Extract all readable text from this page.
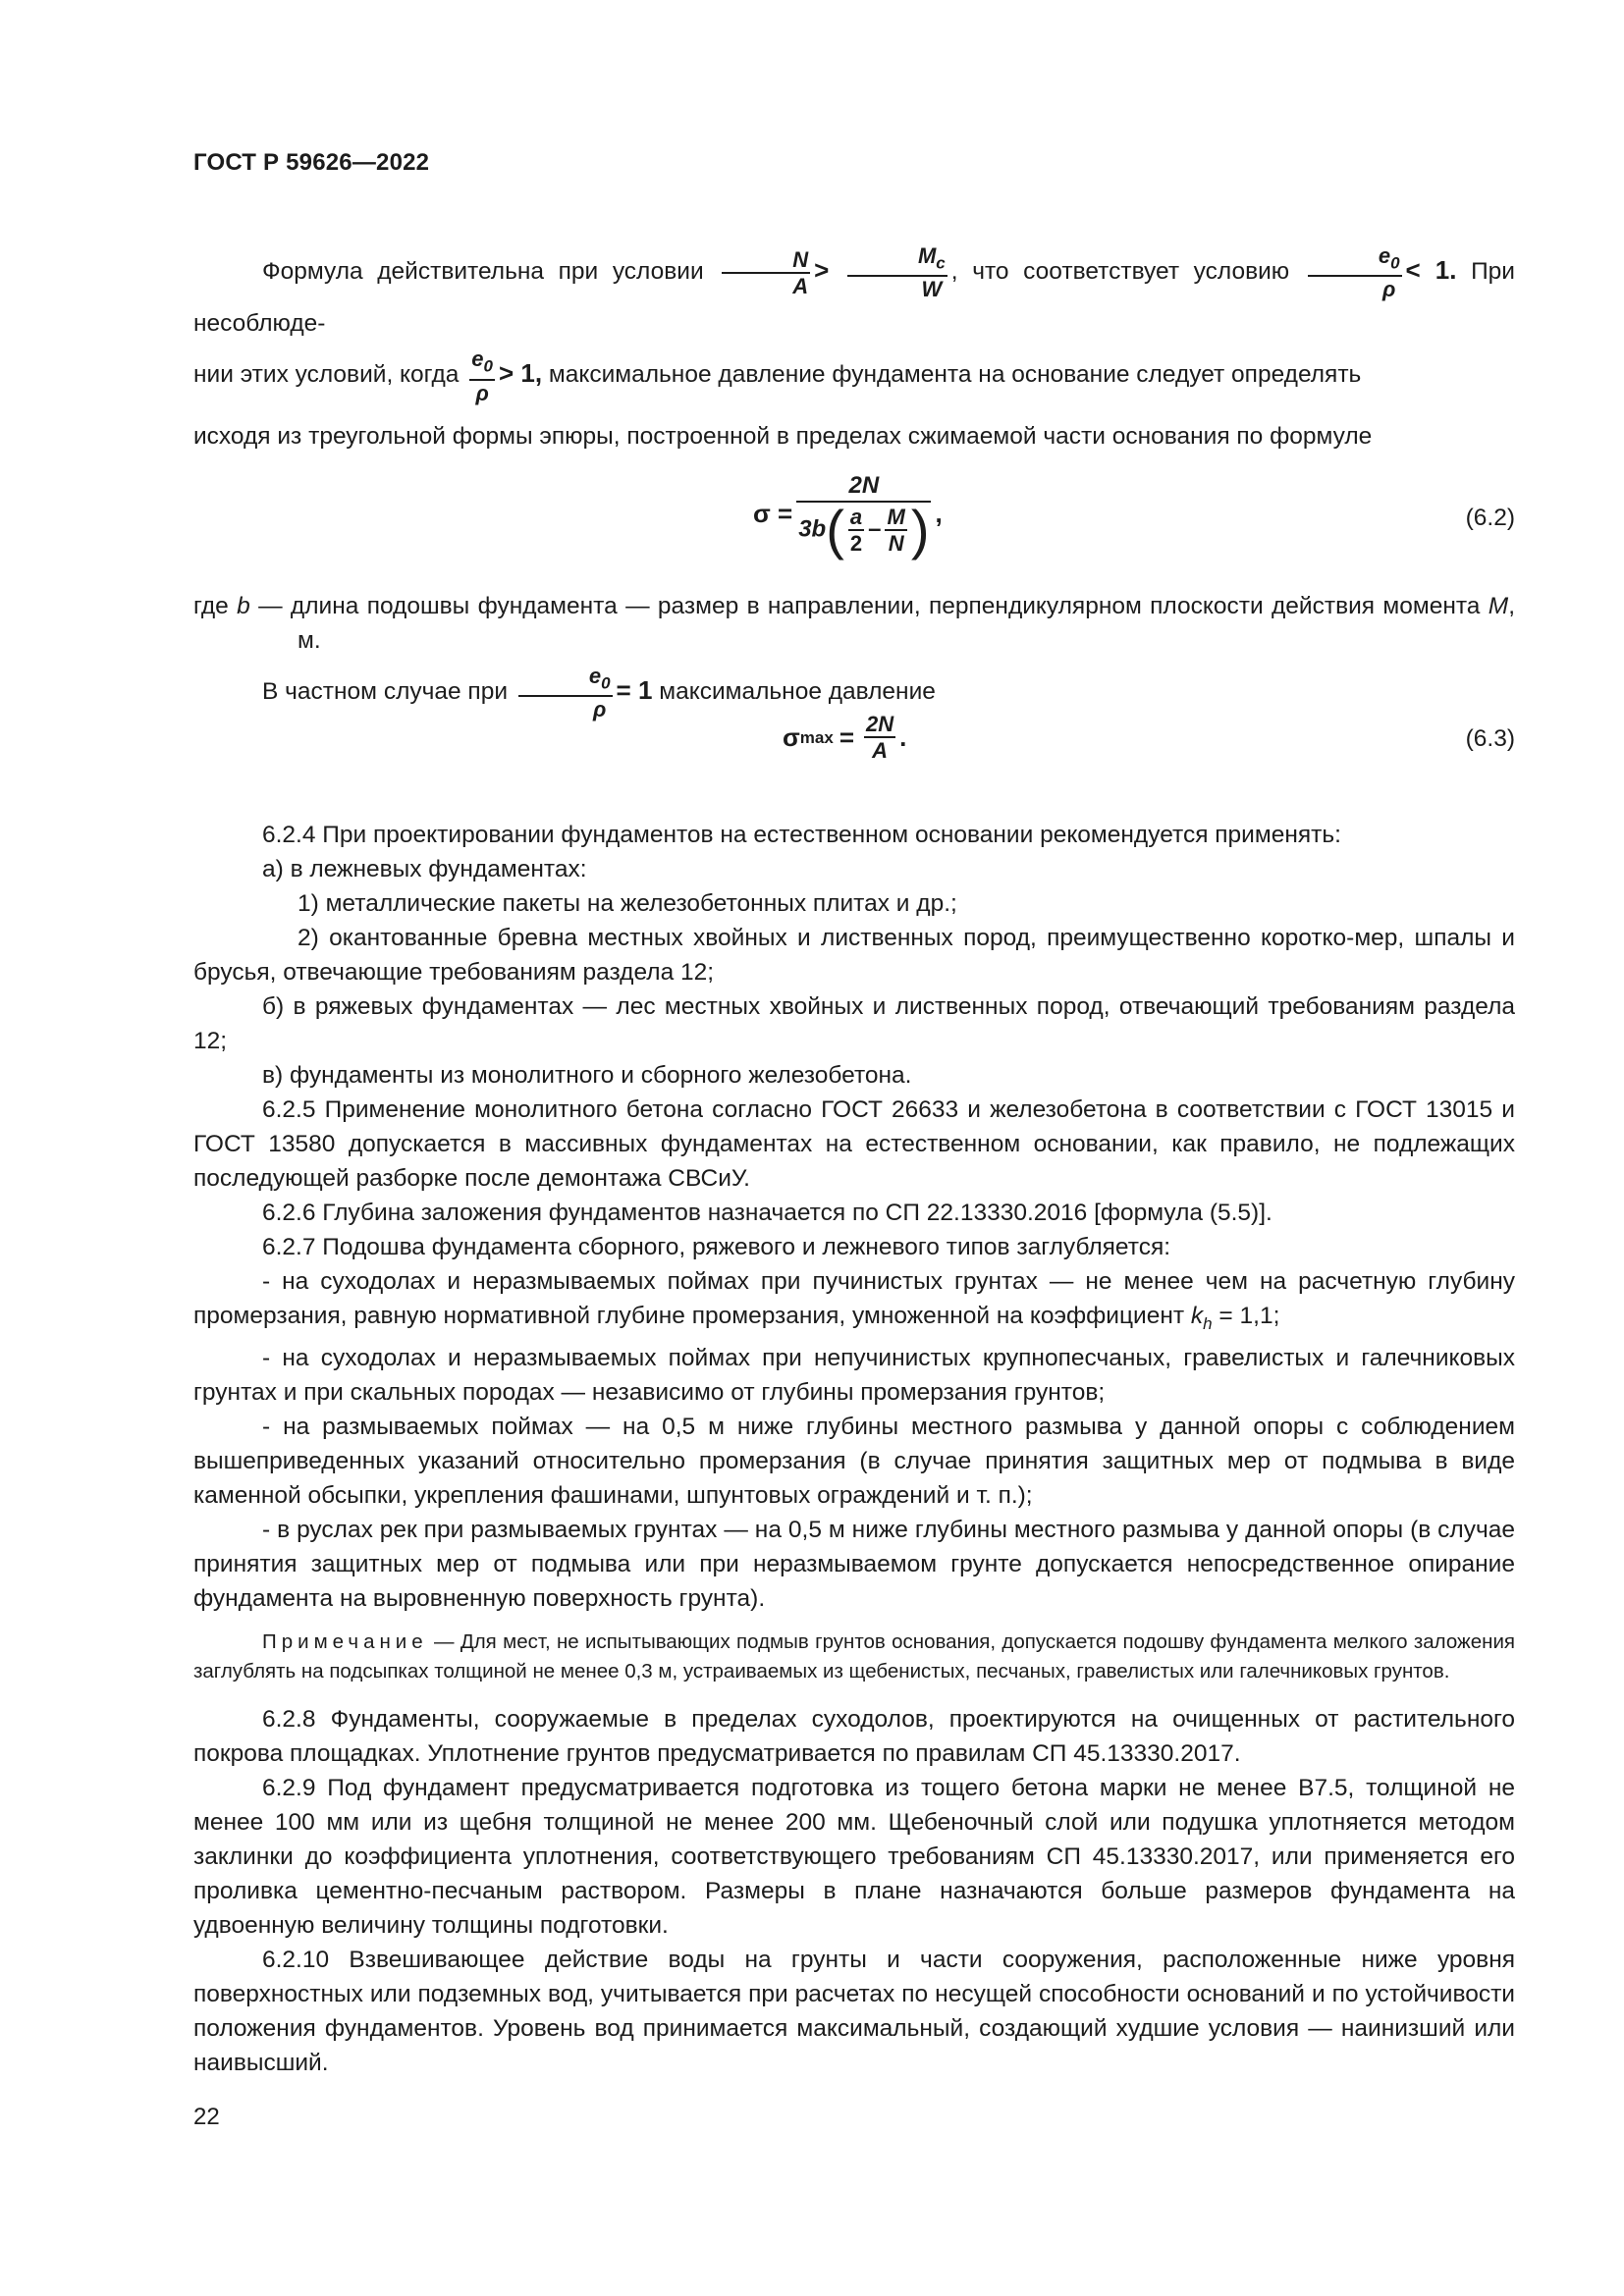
ГОСТ Р 59626—2022

Формула действительна при условии $\frac{N}{A} > \frac{M_c}{W}$ , что соответствует условию $\frac{e_0}{\rho} < 1$. При несоблюде-

нии этих условий, когда $\frac{e_0}{\rho} > 1$, максимальное давление фундамента на основание следует определять

исходя из треугольной формы эпюры, построенной в пределах сжимаемой части основания по формуле

$\sigma = \frac{2N}{3b( \frac{a}{2} - \frac{M}{N} )}$ ,	(6.2)

где b — длина подошвы фундамента — размер в направлении, перпендикулярном плоскости действия момента M, м.

В частном случае при $\frac{e_0}{\rho} = 1$ максимальное давление

σ $\max = \frac{2N}{A}$ .	(6.3)

6.2.4 При проектировании фундаментов на естественном основании рекомендуется применять:

а) в лежневых фундаментах:

1) металлические пакеты на железобетонных плитах и др.;

2) окантованные бревна местных хвойных и лиственных пород, преимущественно коротко-мер, шпалы и брусья, отвечающие требованиям раздела 12;

б) в ряжевых фундаментах — лес местных хвойных и лиственных пород, отвечающий требованиям раздела 12;

в) фундаменты из монолитного и сборного железобетона.

6.2.5 Применение монолитного бетона согласно ГОСТ 26633 и железобетона в соответствии с ГОСТ 13015 и ГОСТ 13580 допускается в массивных фундаментах на естественном основании, как правило, не подлежащих последующей разборке после демонтажа СВСиУ.

6.2.6 Глубина заложения фундаментов назначается по СП 22.13330.2016 [формула (5.5)].

6.2.7 Подошва фундамента сборного, ряжевого и лежневого типов заглубляется:

- на суходолах и неразмываемых поймах при пучинистых грунтах — не менее чем на расчетную глубину промерзания, равную нормативной глубине промерзания, умноженной на коэффициент $k_h = 1,1$;

- на суходолах и неразмываемых поймах при непучинистых крупнопесчаных, гравелистых и галечниковых грунтах и при скальных породах — независимо от глубины промерзания грунтов;

- на размываемых поймах — на 0,5 м ниже глубины местного размыва у данной опоры с соблюдением вышеприведенных указаний относительно промерзания (в случае принятия защитных мер от подмыва в виде каменной обсыпки, укрепления фашинами, шпунтовых ограждений и т. п.);

- в руслах рек при размываемых грунтах — на 0,5 м ниже глубины местного размыва у данной опоры (в случае принятия защитных мер от подмыва или при неразмываемом грунте допускается непосредственное опирание фундамента на выровненную поверхность грунта).

Примечание — Для мест, не испытывающих подмыв грунтов основания, допускается подошву фундамента мелкого заложения заглублять на подсыпках толщиной не менее 0,3 м, устраиваемых из щебенистых, песчаных, гравелистых или галечниковых грунтов.

6.2.8 Фундаменты, сооружаемые в пределах суходолов, проектируются на очищенных от растительного покрова площадках. Уплотнение грунтов предусматривается по правилам СП 45.13330.2017.

6.2.9 Под фундамент предусматривается подготовка из тощего бетона марки не менее В7.5, толщиной не менее 100 мм или из щебня толщиной не менее 200 мм. Щебеночный слой или подушка уплотняется методом заклинки до коэффициента уплотнения, соответствующего требованиям СП 45.13330.2017, или применяется его проливка цементно-песчаным раствором. Размеры в плане назначаются больше размеров фундамента на удвоенную величину толщины подготовки.

6.2.10 Взвешивающее действие воды на грунты и части сооружения, расположенные ниже уровня поверхностных или подземных вод, учитывается при расчетах по несущей способности оснований и по устойчивости положения фундаментов. Уровень вод принимается максимальный, создающий худшие условия — наинизший или наивысший.

22
